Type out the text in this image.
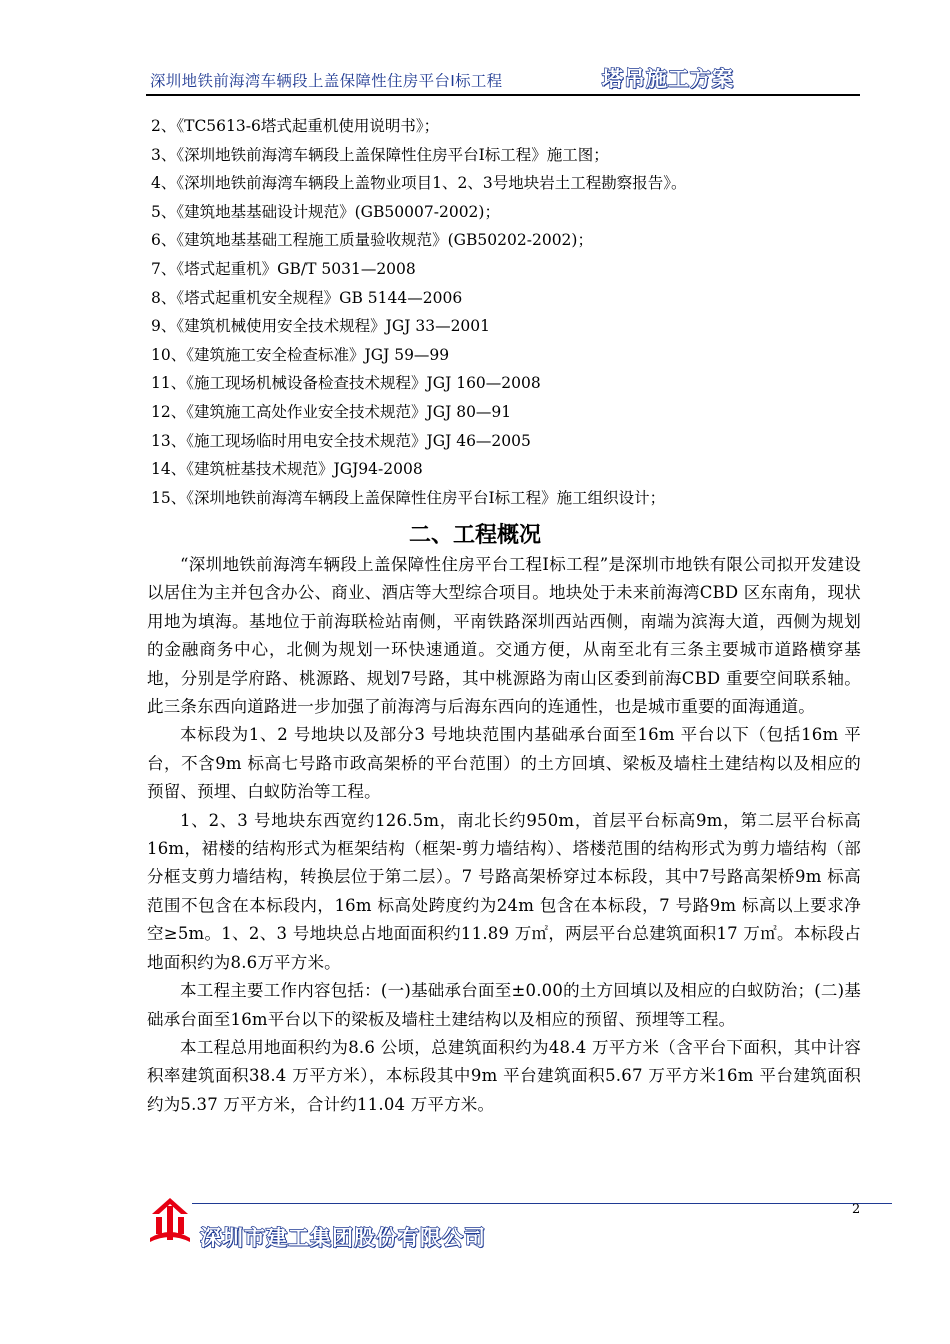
深圳地铁前海湾车辆段上盖保障性住房平台Ⅰ标工程	塔吊施工方案
2、《TC5613-6塔式起重机使用说明书》；
3、《深圳地铁前海湾车辆段上盖保障性住房平台Ⅰ标工程》施工图；
4、《深圳地铁前海湾车辆段上盖物业项目1、2、3号地块岩土工程勘察报告》。
5、《建筑地基基础设计规范》(GB50007-2002)；
6、《建筑地基基础工程施工质量验收规范》(GB50202-2002)；
7、《塔式起重机》GB/T 5031—2008
8、《塔式起重机安全规程》GB 5144—2006
9、《建筑机械使用安全技术规程》JGJ 33—2001
10、《建筑施工安全检查标准》JGJ 59—99
11、《施工现场机械设备检查技术规程》JGJ 160—2008
12、《建筑施工高处作业安全技术规范》JGJ 80—91
13、《施工现场临时用电安全技术规范》JGJ 46—2005
14、《建筑桩基技术规范》JGJ94-2008
15、《深圳地铁前海湾车辆段上盖保障性住房平台Ⅰ标工程》施工组织设计；
二、工程概况

“深圳地铁前海湾车辆段上盖保障性住房平台工程Ⅰ标工程”是深圳市地铁有限公司拟开发建设以居住为主并包含办公、商业、酒店等大型综合项目。地块处于未来前海湾CBD 区东南角，现状用地为填海。基地位于前海联检站南侧，平南铁路深圳西站西侧，南端为滨海大道，西侧为规划的金融商务中心，北侧为规划一环快速通道。交通方便，从南至北有三条主要城市道路横穿基地，分别是学府路、桃源路、规划7号路，其中桃源路为南山区委到前海CBD 重要空间联系轴。此三条东西向道路进一步加强了前海湾与后海东西向的连通性，也是城市重要的面海通道。

本标段为1、2 号地块以及部分3 号地块范围内基础承台面至16m 平台以下（包括16m 平台，不含9m 标高七号路市政高架桥的平台范围）的土方回填、梁板及墙柱土建结构以及相应的预留、预埋、白蚁防治等工程。

1、2、3 号地块东西宽约126.5m，南北长约950m，首层平台标高9m，第二层平台标高16m，裙楼的结构形式为框架结构（框架-剪力墙结构）、塔楼范围的结构形式为剪力墙结构（部分框支剪力墙结构，转换层位于第二层）。7 号路高架桥穿过本标段，其中7号路高架桥9m 标高范围不包含在本标段内，16m 标高处跨度约为24m 包含在本标段，7 号路9m 标高以上要求净空≥5m。1、2、3 号地块总占地面面积约11.89 万㎡，两层平台总建筑面积17 万㎡。本标段占地面积约为8.6万平方米。

本工程主要工作内容包括：(一)基础承台面至±0.00的土方回填以及相应的白蚁防治；(二)基础承台面至16m平台以下的梁板及墙柱土建结构以及相应的预留、预埋等工程。

本工程总用地面积约为8.6 公顷，总建筑面积约为48.4 万平方米（含平台下面积，其中计容积率建筑面积38.4 万平方米），本标段其中9m 平台建筑面积5.67 万平方米16m 平台建筑面积约为5.37 万平方米，合计约11.04 万平方米。

2
深圳市建工集团股份有限公司
